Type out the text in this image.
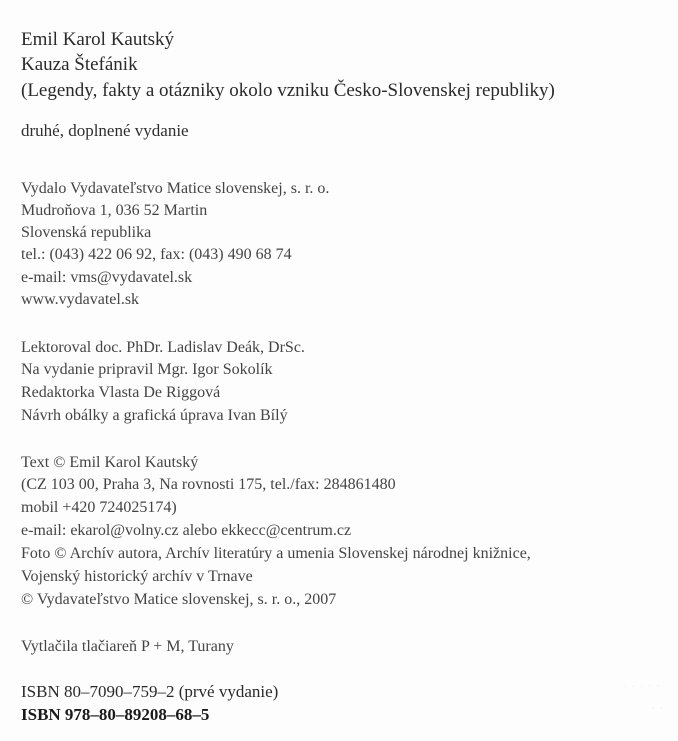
Emil Karol Kautský
Kauza Štefánik
(Legendy, fakty a otázniky okolo vzniku Česko-Slovenskej republiky)
druhé, doplnené vydanie
Vydalo Vydavateľstvo Matice slovenskej, s. r. o.
Mudroňova 1, 036 52 Martin
Slovenská republika
tel.: (043) 422 06 92, fax: (043) 490 68 74
e-mail: vms@vydavatel.sk
www.vydavatel.sk
Lektoroval doc. PhDr. Ladislav Deák, DrSc.
Na vydanie pripravil Mgr. Igor Sokolík
Redaktorka Vlasta De Riggová
Návrh obálky a grafická úprava Ivan Bílý
Text © Emil Karol Kautský
(CZ 103 00, Praha 3, Na rovnosti 175, tel./fax: 284861480
mobil +420 724025174)
e-mail: ekarol@volny.cz alebo ekkecc@centrum.cz
Foto © Archív autora, Archív literatúry a umenia Slovenskej národnej knižnice,
Vojenský historický archív v Trnave
© Vydavateľstvo Matice slovenskej, s. r. o., 2007
Vytlačila tlačiareň P + M, Turany
ISBN 80–7090–759–2 (prvé vydanie)
ISBN 978–80–89208–68–5
· · · · ·
· ·
